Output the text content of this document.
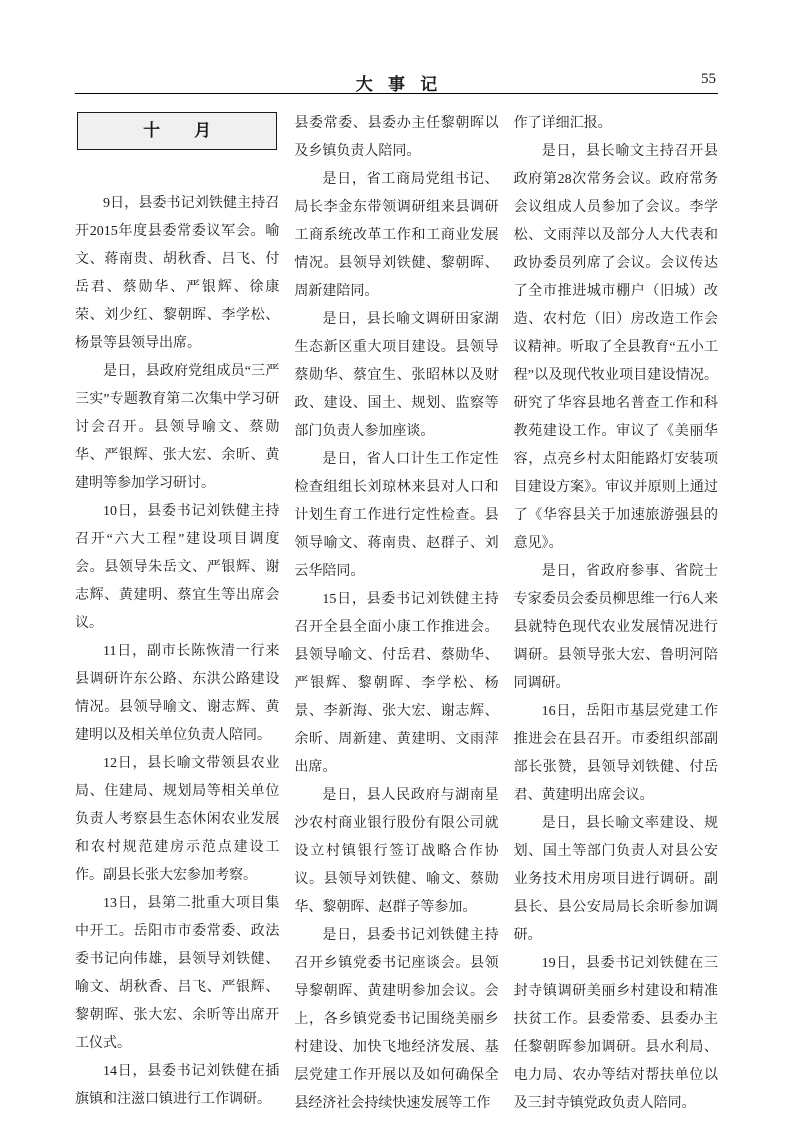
大事记	55
十　　月

9日，县委书记刘铁健主持召开2015年度县委常委议军会。喻文、蒋南贵、胡秋香、吕飞、付岳君、蔡勋华、严银辉、徐康荣、刘少红、黎朝晖、李学松、杨景等县领导出席。

是日，县政府党组成员“三严三实”专题教育第二次集中学习研讨会召开。县领导喻文、蔡勋华、严银辉、张大宏、余昕、黄建明等参加学习研讨。

10日，县委书记刘铁健主持召开“六大工程”建设项目调度会。县领导朱岳文、严银辉、谢志辉、黄建明、蔡宜生等出席会议。

11日，副市长陈恢清一行来县调研许东公路、东洪公路建设情况。县领导喻文、谢志辉、黄建明以及相关单位负责人陪同。

12日，县长喻文带领县农业局、住建局、规划局等相关单位负责人考察县生态休闲农业发展和农村规范建房示范点建设工作。副县长张大宏参加考察。

13日，县第二批重大项目集中开工。岳阳市市委常委、政法委书记向伟雄，县领导刘铁健、喻文、胡秋香、吕飞、严银辉、黎朝晖、张大宏、余昕等出席开工仪式。

14日，县委书记刘铁健在插旗镇和注滋口镇进行工作调研。

县委常委、县委办主任黎朝晖以及乡镇负责人陪同。

是日，省工商局党组书记、局长李金东带领调研组来县调研工商系统改革工作和工商业发展情况。县领导刘铁健、黎朝晖、周新建陪同。

是日，县长喻文调研田家湖生态新区重大项目建设。县领导蔡勋华、蔡宜生、张昭林以及财政、建设、国土、规划、监察等部门负责人参加座谈。

是日，省人口计生工作定性检查组组长刘琼林来县对人口和计划生育工作进行定性检查。县领导喻文、蒋南贵、赵群子、刘云华陪同。

15日，县委书记刘铁健主持召开全县全面小康工作推进会。县领导喻文、付岳君、蔡勋华、严银辉、黎朝晖、李学松、杨景、李新海、张大宏、谢志辉、余昕、周新建、黄建明、文雨萍出席。

是日，县人民政府与湖南星沙农村商业银行股份有限公司就设立村镇银行签订战略合作协议。县领导刘铁健、喻文、蔡勋华、黎朝晖、赵群子等参加。

是日，县委书记刘铁健主持召开乡镇党委书记座谈会。县领导黎朝晖、黄建明参加会议。会上，各乡镇党委书记围绕美丽乡村建设、加快飞地经济发展、基层党建工作开展以及如何确保全县经济社会持续快速发展等工作

作了详细汇报。

是日，县长喻文主持召开县政府第28次常务会议。政府常务会议组成人员参加了会议。李学松、文雨萍以及部分人大代表和政协委员列席了会议。会议传达了全市推进城市棚户（旧城）改造、农村危（旧）房改造工作会议精神。听取了全县教育“五小工程”以及现代牧业项目建设情况。研究了华容县地名普查工作和科教苑建设工作。审议了《美丽华容，点亮乡村太阳能路灯安装项目建设方案》。审议并原则上通过了《华容县关于加速旅游强县的意见》。

是日，省政府参事、省院士专家委员会委员柳思维一行6人来县就特色现代农业发展情况进行调研。县领导张大宏、鲁明河陪同调研。

16日，岳阳市基层党建工作推进会在县召开。市委组织部副部长张赞，县领导刘铁健、付岳君、黄建明出席会议。

是日，县长喻文率建设、规划、国土等部门负责人对县公安业务技术用房项目进行调研。副县长、县公安局局长余昕参加调研。

19日，县委书记刘铁健在三封寺镇调研美丽乡村建设和精准扶贫工作。县委常委、县委办主任黎朝晖参加调研。县水利局、电力局、农办等结对帮扶单位以及三封寺镇党政负责人陪同。
